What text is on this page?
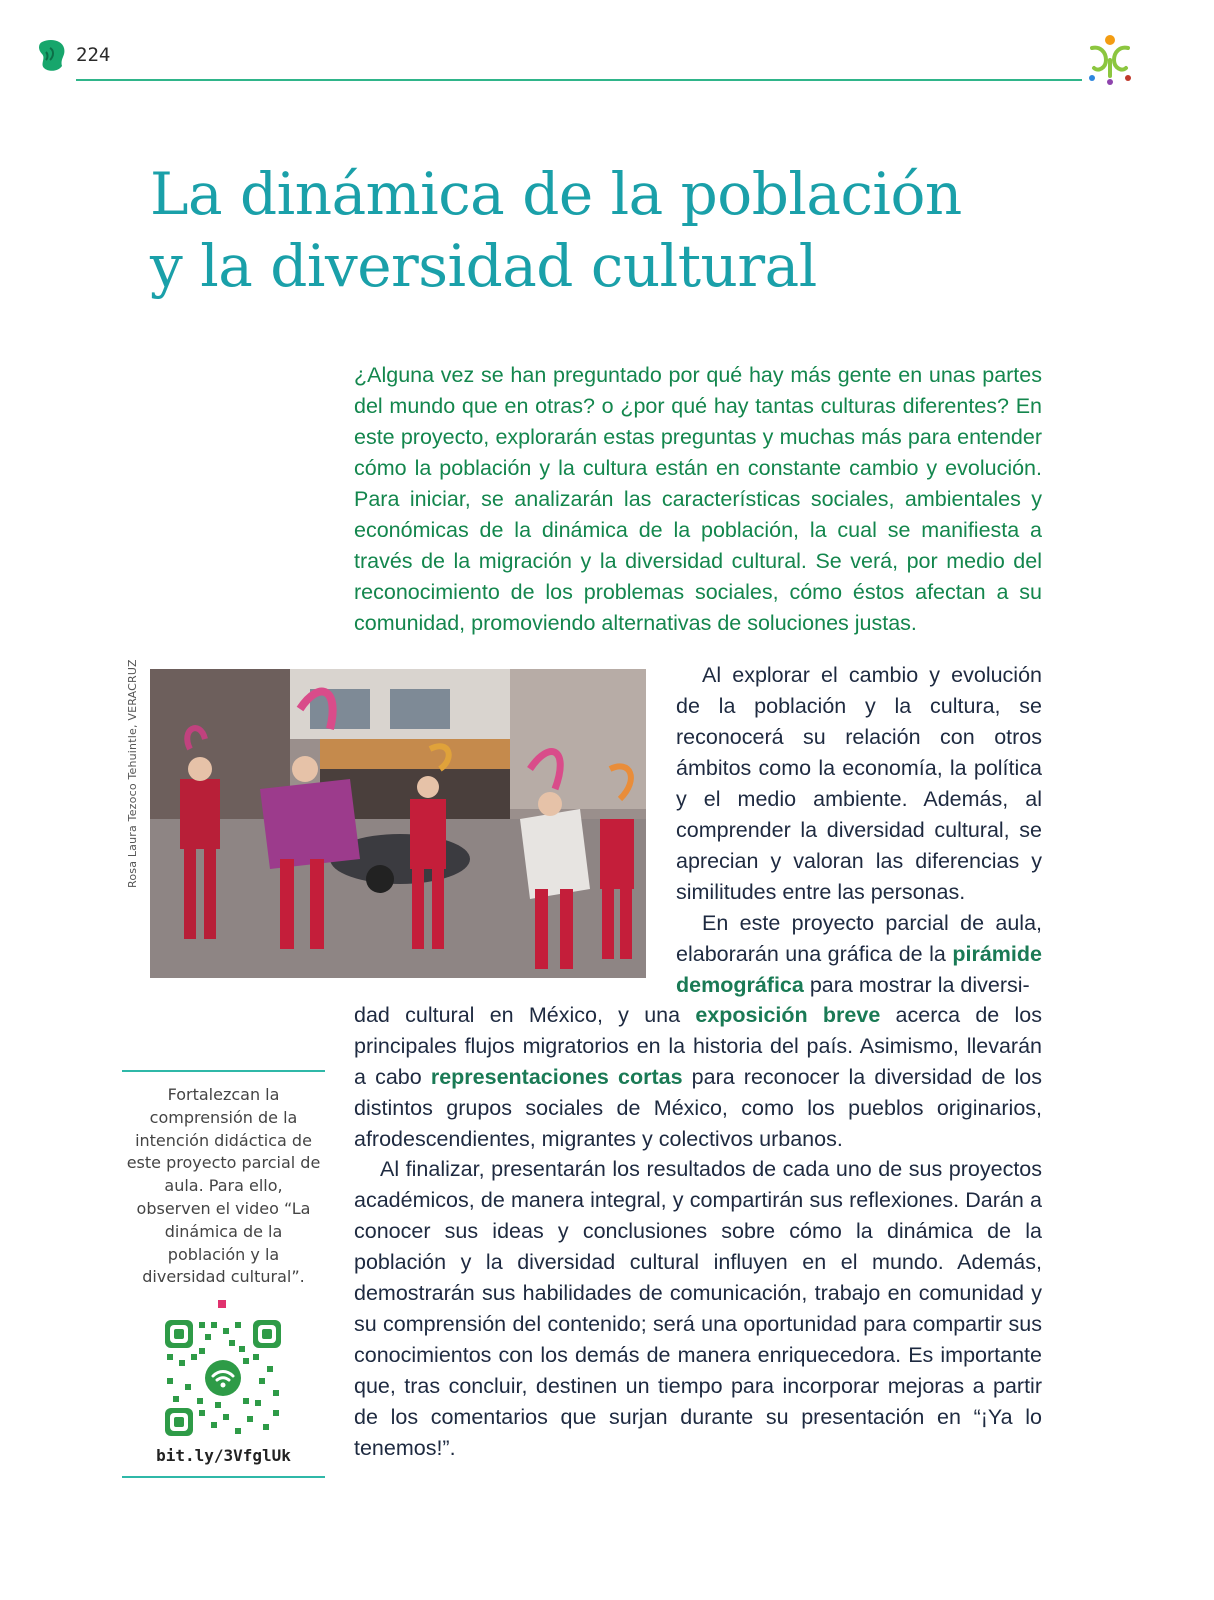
224
La dinámica de la población
y la diversidad cultural

¿Alguna vez se han preguntado por qué hay más gente en unas partes del mundo que en otras? o ¿por qué hay tantas culturas diferentes? En este proyecto, explorarán estas preguntas y muchas más para entender cómo la población y la cultura están en constante cambio y evolución. Para iniciar, se analizarán las características sociales, ambientales y económicas de la dinámica de la población, la cual se manifiesta a través de la migración y la diversidad cultural. Se verá, por medio del reconocimiento de los problemas sociales, cómo éstos afectan a su comunidad, promoviendo alternativas de soluciones justas.

Rosa Laura Tezoco Tehuintle, VERACRUZ	Al explorar el cambio y evolución de la población y la cultura, se reconocerá su relación con otros ámbitos como la economía, la política y el medio ambiente. Además, al comprender la diversidad cultural, se aprecian y valoran las diferencias y similitudes entre las personas.

En este proyecto parcial de aula, elaborarán una gráfica de la pirámide demográfica para mostrar la diversi-

dad cultural en México, y una exposición breve acerca de los principales flujos migratorios en la historia del país. Asimismo, llevarán a cabo representaciones cortas para reconocer la diversidad de los distintos grupos sociales de México, como los pueblos originarios, afrodescendientes, migrantes y colectivos urbanos.

Al finalizar, presentarán los resultados de cada uno de sus proyectos académicos, de manera integral, y compartirán sus reflexiones. Darán a conocer sus ideas y conclusiones sobre cómo la dinámica de la población y la diversidad cultural influyen en el mundo. Además, demostrarán sus habilidades de comunicación, trabajo en comunidad y su comprensión del contenido; será una oportunidad para compartir sus conocimientos con los demás de manera enriquecedora. Es importante que, tras concluir, destinen un tiempo para incorporar mejoras a partir de los comentarios que surjan durante su presentación en “¡Ya lo tenemos!”.

Fortalezcan la comprensión de la intención didáctica de este proyecto parcial de aula. Para ello, observen el video “La dinámica de la población y la diversidad cultural”.

bit.ly/3VfglUk
